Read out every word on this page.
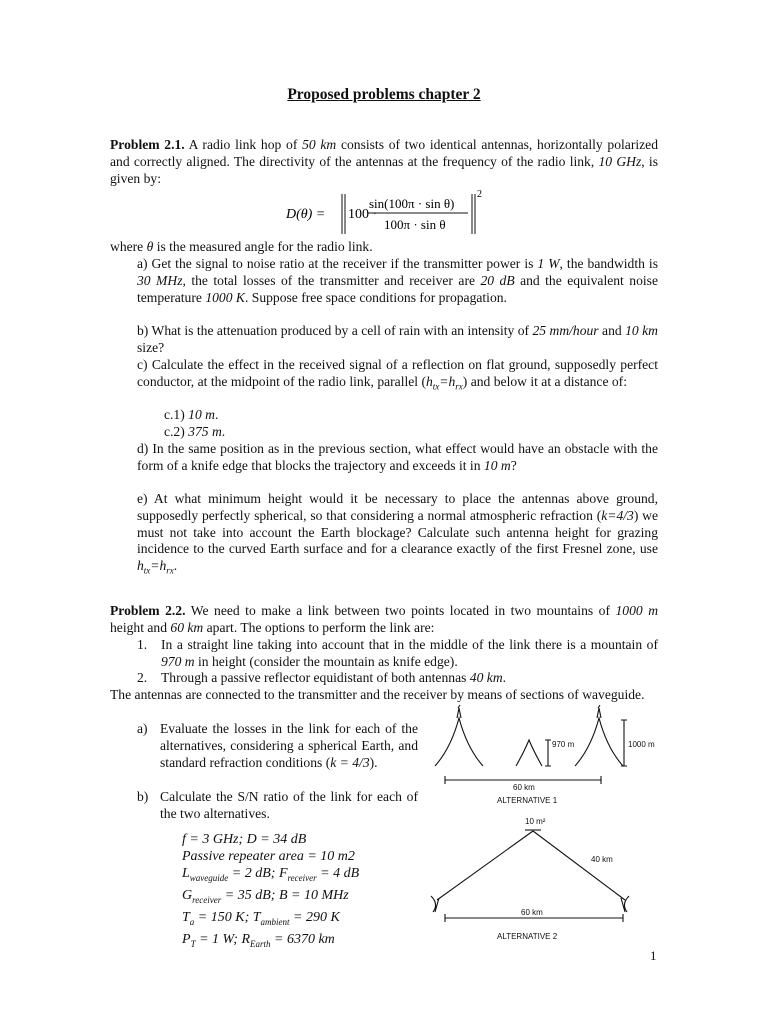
Proposed problems chapter 2
Problem 2.1. A radio link hop of 50 km consists of two identical antennas, horizontally polarized and correctly aligned. The directivity of the antennas at the frequency of the radio link, 10 GHz, is given by:
D(θ) = 100 ·
sin(100π · sin θ)
100π · sin θ
2
where θ is the measured angle for the radio link.
a) Get the signal to noise ratio at the receiver if the transmitter power is 1 W, the bandwidth is 30 MHz, the total losses of the transmitter and receiver are 20 dB and the equivalent noise temperature 1000 K. Suppose free space conditions for propagation.
b) What is the attenuation produced by a cell of rain with an intensity of 25 mm/hour and 10 km size?
c) Calculate the effect in the received signal of a reflection on flat ground, supposedly perfect conductor, at the midpoint of the radio link, parallel $(h_{tx}=h_{rx})$ and below it at a distance of:
c.1) 10 m.
c.2) 375 m.
d) In the same position as in the previous section, what effect would have an obstacle with the form of a knife edge that blocks the trajectory and exceeds it in 10 m?
e) At what minimum height would it be necessary to place the antennas above ground, supposedly perfectly spherical, so that considering a normal atmospheric refraction (k=4/3) we must not take into account the Earth blockage? Calculate such antenna height for grazing incidence to the curved Earth surface and for a clearance exactly of the first Fresnel zone, use $h_{tx}=h_{rx}$.
Problem 2.2. We need to make a link between two points located in two mountains of 1000 m height and 60 km apart. The options to perform the link are:
1. In a straight line taking into account that in the middle of the link there is a mountain of 970 m in height (consider the mountain as knife edge).
2. Through a passive reflector equidistant of both antennas 40 km.
The antennas are connected to the transmitter and the receiver by means of sections of waveguide.
a) Evaluate the losses in the link for each of the alternatives, considering a spherical Earth, and standard refraction conditions (k = 4/3).
b) Calculate the S/N ratio of the link for each of the two alternatives.
f = 3 GHz; D = 34 dB
Passive repeater area = 10 m2
$L_{waveguide} = 2$ dB; $F_{receiver} = 4$ dB
$G_{receiver} = 35$ dB; B = 10 MHz
$T_a = 150$ K; $T_{ambient} = 290$ K
$P_T = 1$ W; $R_{Earth} = 6370$ km
970 m	1000 m
60 km
ALTERNATIVE 1
10 m²
40 km
60 km
ALTERNATIVE 2
1
